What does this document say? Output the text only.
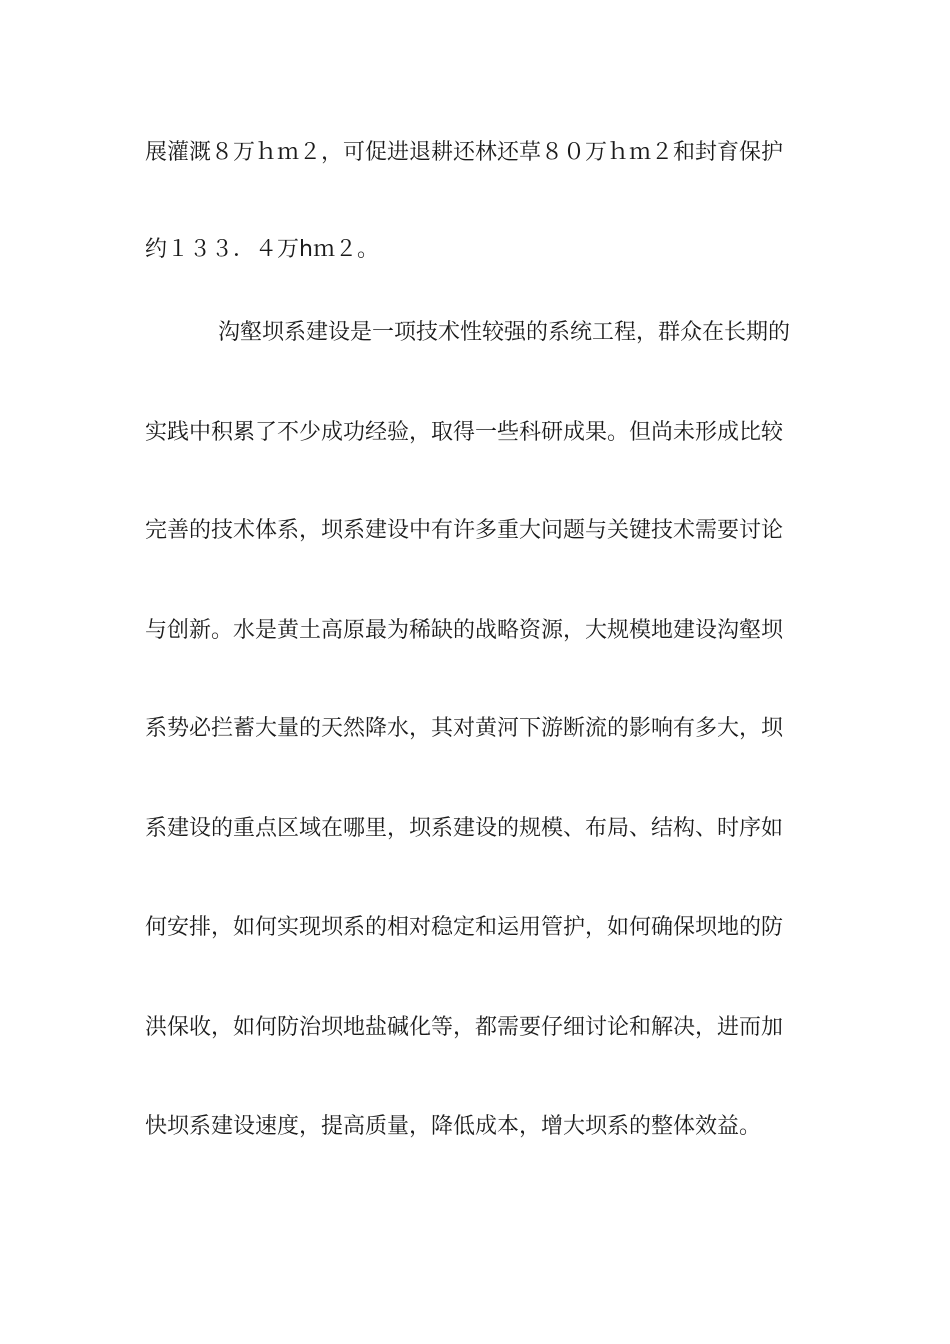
展灌溉８万ｈｍ２，可促进退耕还林还草８０万ｈｍ２和封育保护
约１３３．４万hｍ２。
沟壑坝系建设是一项技术性较强的系统工程，群众在长期的
实践中积累了不少成功经验，取得一些科研成果。但尚未形成比较
完善的技术体系，坝系建设中有许多重大问题与关键技术需要讨论
与创新。水是黄土高原最为稀缺的战略资源，大规模地建设沟壑坝
系势必拦蓄大量的天然降水，其对黄河下游断流的影响有多大，坝
系建设的重点区域在哪里，坝系建设的规模、布局、结构、时序如
何安排，如何实现坝系的相对稳定和运用管护，如何确保坝地的防
洪保收，如何防治坝地盐碱化等，都需要仔细讨论和解决，进而加
快坝系建设速度，提高质量，降低成本，增大坝系的整体效益。
